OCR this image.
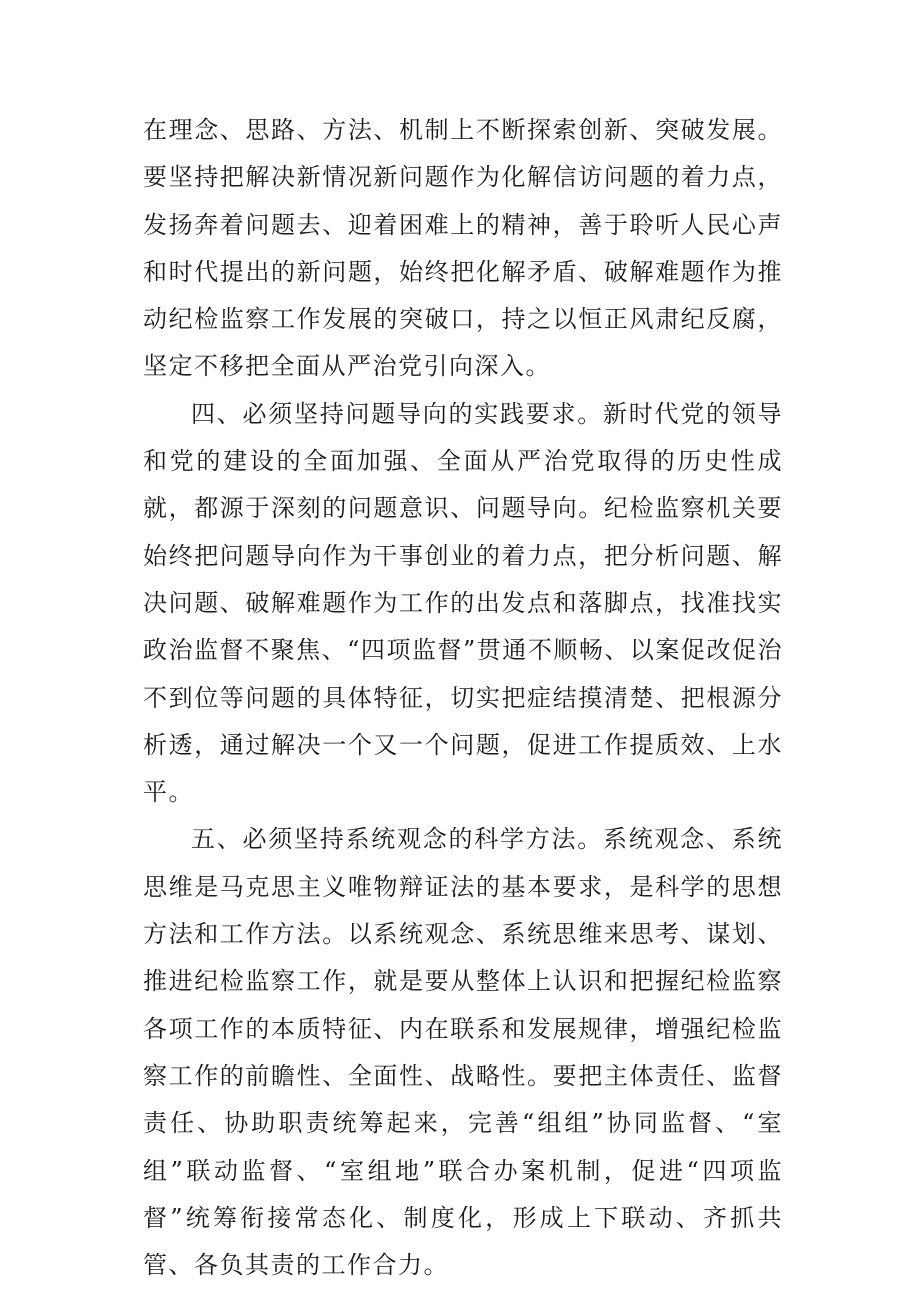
在理念、思路、方法、机制上不断探索创新、突破发展。要坚持把解决新情况新问题作为化解信访问题的着力点，发扬奔着问题去、迎着困难上的精神，善于聆听人民心声和时代提出的新问题，始终把化解矛盾、破解难题作为推动纪检监察工作发展的突破口，持之以恒正风肃纪反腐，坚定不移把全面从严治党引向深入。

四、必须坚持问题导向的实践要求。新时代党的领导和党的建设的全面加强、全面从严治党取得的历史性成就，都源于深刻的问题意识、问题导向。纪检监察机关要始终把问题导向作为干事创业的着力点，把分析问题、解决问题、破解难题作为工作的出发点和落脚点，找准找实政治监督不聚焦、“四项监督”贯通不顺畅、以案促改促治不到位等问题的具体特征，切实把症结摸清楚、把根源分析透，通过解决一个又一个问题，促进工作提质效、上水平。

五、必须坚持系统观念的科学方法。系统观念、系统思维是马克思主义唯物辩证法的基本要求，是科学的思想方法和工作方法。以系统观念、系统思维来思考、谋划、推进纪检监察工作，就是要从整体上认识和把握纪检监察各项工作的本质特征、内在联系和发展规律，增强纪检监察工作的前瞻性、全面性、战略性。要把主体责任、监督责任、协助职责统筹起来，完善“组组”协同监督、“室组”联动监督、“室组地”联合办案机制，促进“四项监督”统筹衔接常态化、制度化，形成上下联动、齐抓共管、各负其责的工作合力。
